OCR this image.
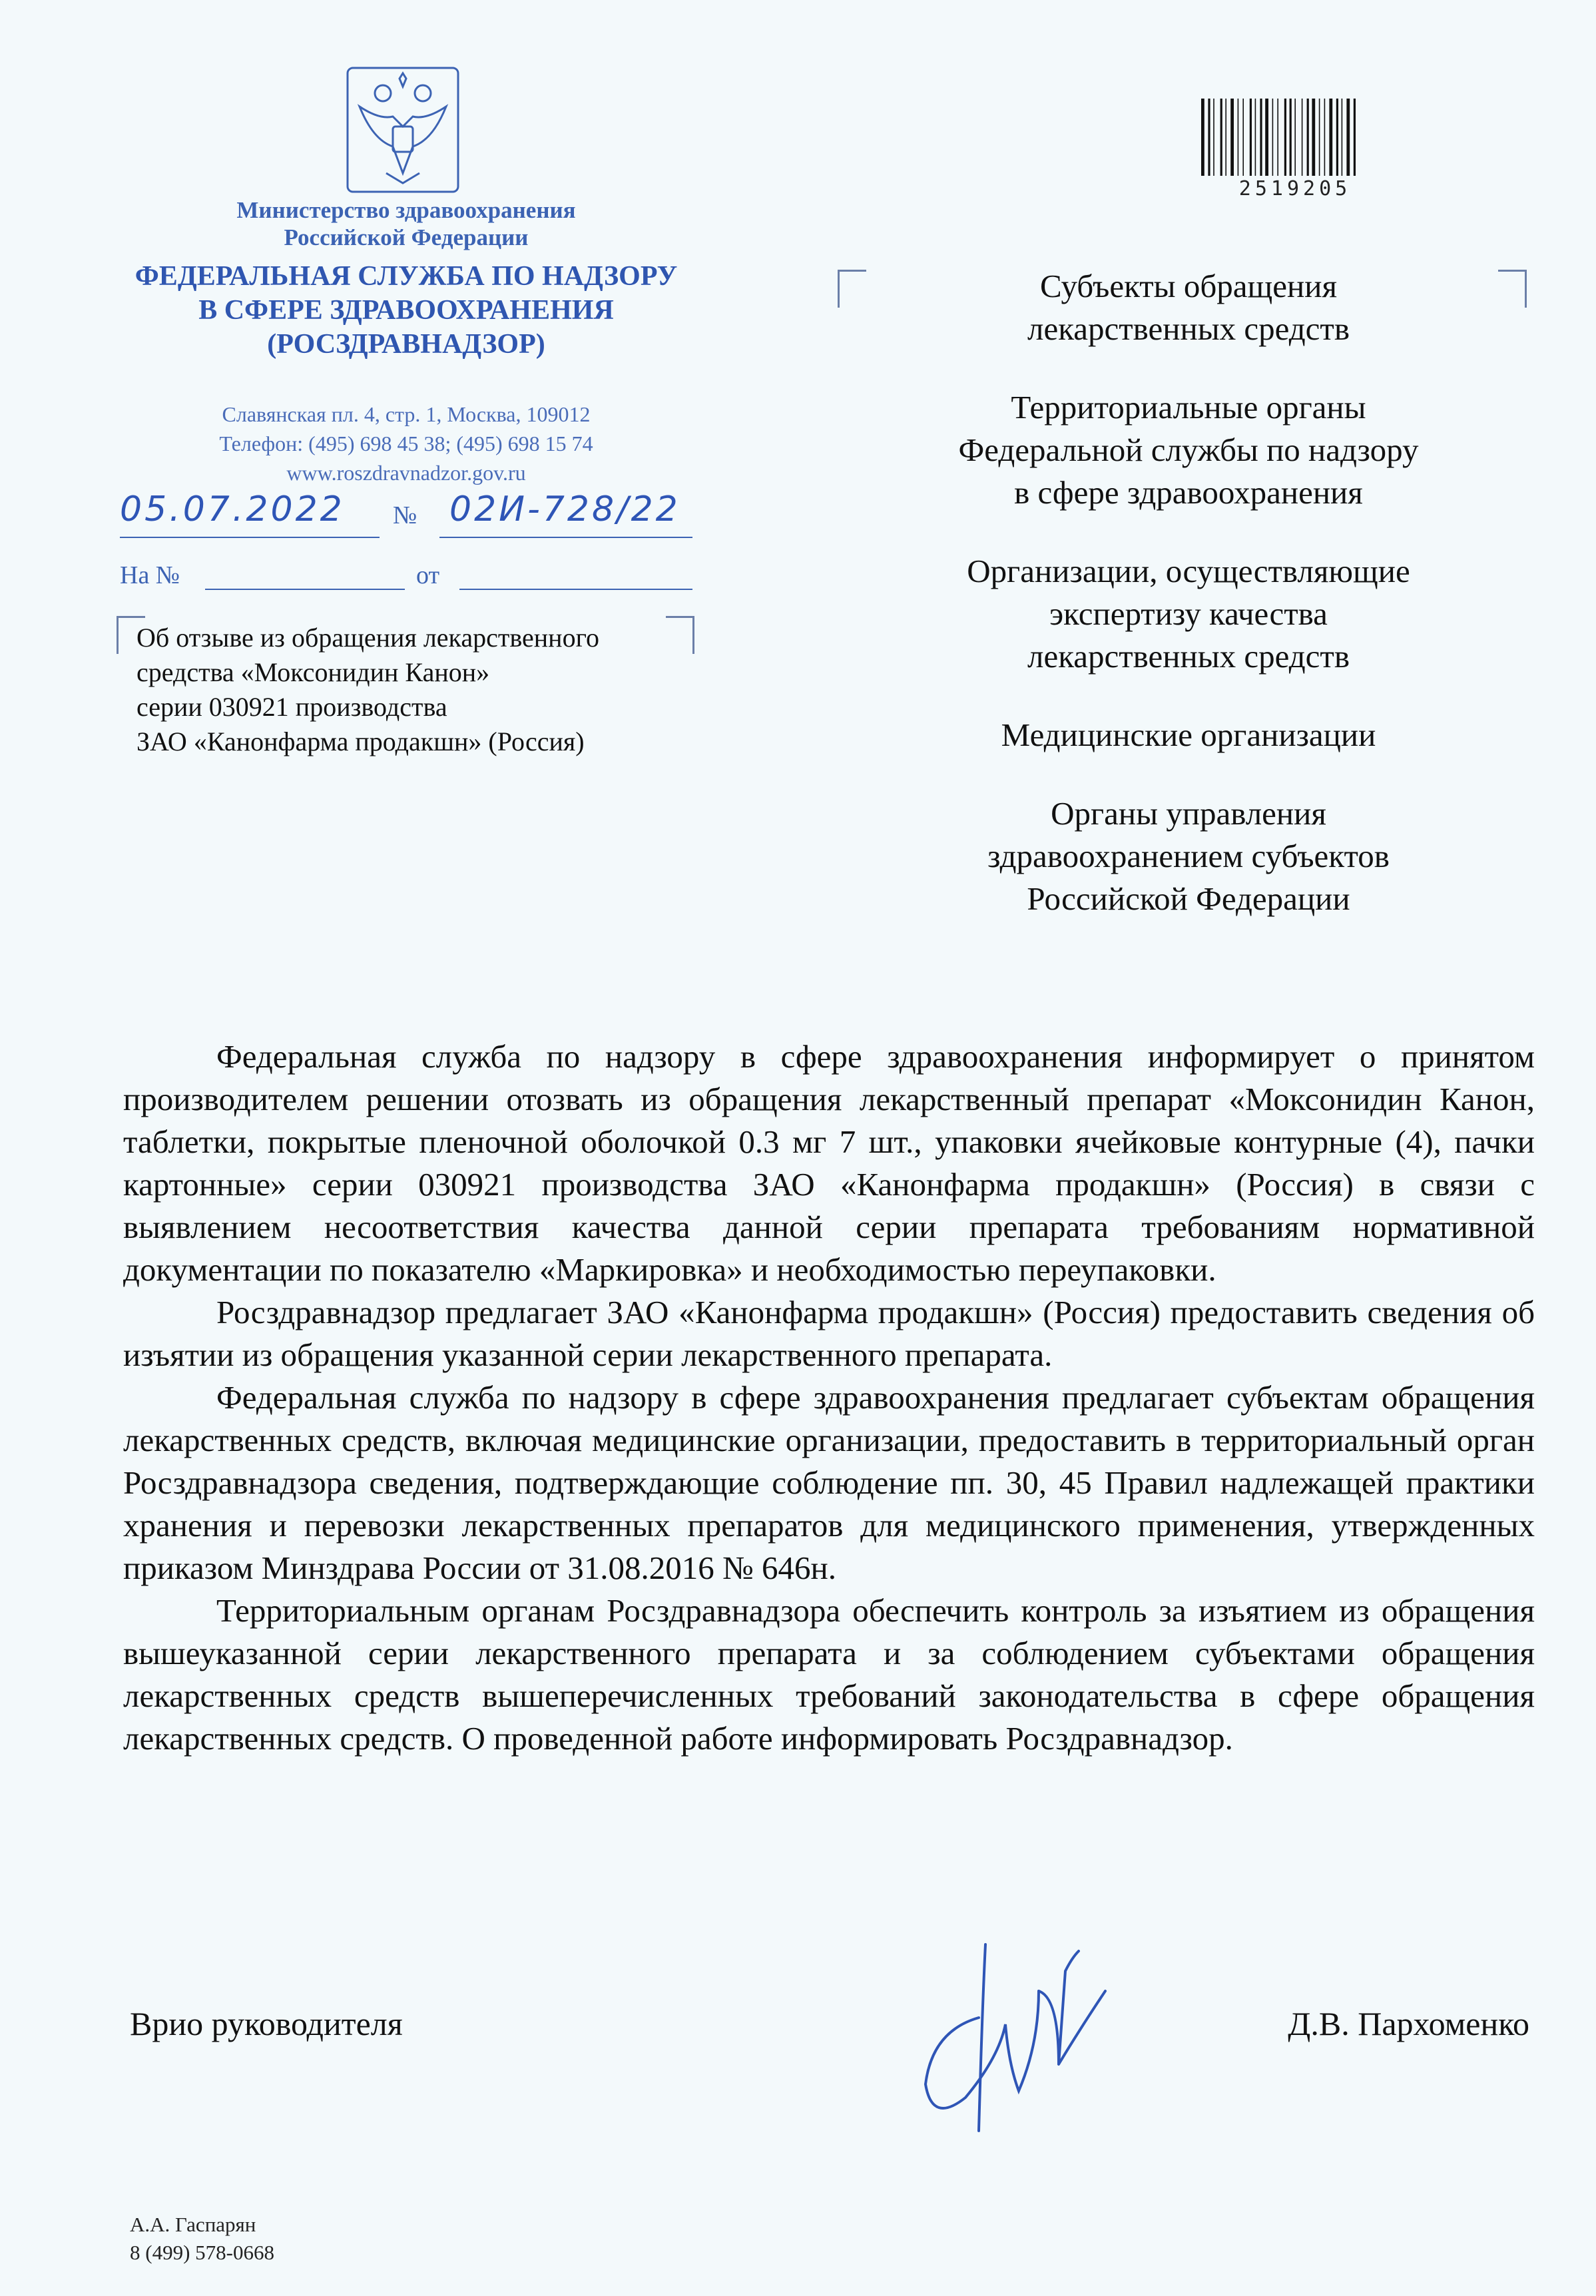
Министерство здравоохранения
Российской Федерации
ФЕДЕРАЛЬНАЯ СЛУЖБА ПО НАДЗОРУ
В СФЕРЕ ЗДРАВООХРАНЕНИЯ
(РОСЗДРАВНАДЗОР)
Славянская пл. 4, стр. 1, Москва, 109012
Телефон: (495) 698 45 38; (495) 698 15 74
www.roszdravnadzor.gov.ru
05.07.2022 № 02И-728/22
На №	от
Об отзыве из обращения лекарственного
средства «Моксонидин Канон»
серии 030921 производства
ЗАО «Канонфарма продакшн» (Россия)
2519205
Субъекты обращения
лекарственных средств
Территориальные органы
Федеральной службы по надзору
в сфере здравоохранения
Организации, осуществляющие
экспертизу качества
лекарственных средств
Медицинские организации
Органы управления
здравоохранением субъектов
Российской Федерации

Федеральная служба по надзору в сфере здравоохранения информирует о принятом производителем решении отозвать из обращения лекарственный препарат «Моксонидин Канон, таблетки, покрытые пленочной оболочкой 0.3 мг 7 шт., упаковки ячейковые контурные (4), пачки картонные» серии 030921 производства ЗАО «Канонфарма продакшн» (Россия) в связи с выявлением несоответствия качества данной серии препарата требованиям нормативной документации по показателю «Маркировка» и необходимостью переупаковки.

Росздравнадзор предлагает ЗАО «Канонфарма продакшн» (Россия) предоставить сведения об изъятии из обращения указанной серии лекарственного препарата.

Федеральная служба по надзору в сфере здравоохранения предлагает субъектам обращения лекарственных средств, включая медицинские организации, предоставить в территориальный орган Росздравнадзора сведения, подтверждающие соблюдение пп. 30, 45 Правил надлежащей практики хранения и перевозки лекарственных препаратов для медицинского применения, утвержденных приказом Минздрава России от 31.08.2016 № 646н.

Территориальным органам Росздравнадзора обеспечить контроль за изъятием из обращения вышеуказанной серии лекарственного препарата и за соблюдением субъектами обращения лекарственных средств вышеперечисленных требований законодательства в сфере обращения лекарственных средств. О проведенной работе информировать Росздравнадзор.

Врио руководителя	Д.В. Пархоменко
А.А. Гаспарян
8 (499) 578-0668
